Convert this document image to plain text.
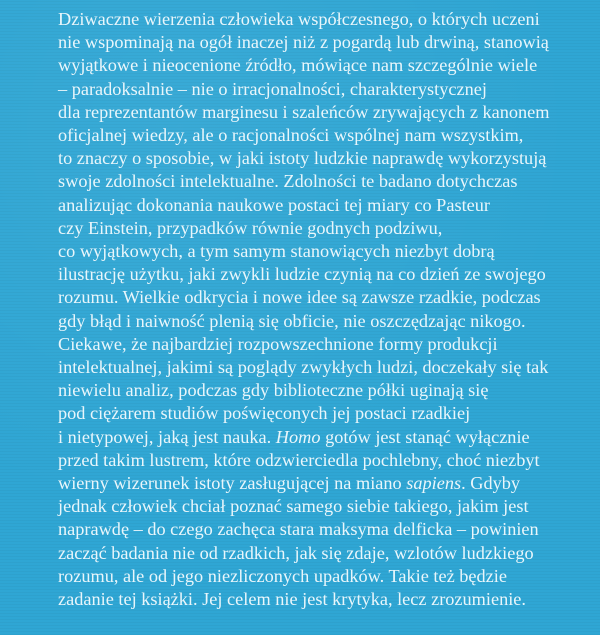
Dziwaczne wierzenia człowieka współczesnego, o których uczeni
nie wspominają na ogół inaczej niż z pogardą lub drwiną, stanowią
wyjątkowe i nieocenione źródło, mówiące nam szczególnie wiele
– paradoksalnie – nie o irracjonalności, charakterystycznej
dla reprezentantów marginesu i szaleńców zrywających z kanonem
oficjalnej wiedzy, ale o racjonalności wspólnej nam wszystkim,
to znaczy o sposobie, w jaki istoty ludzkie naprawdę wykorzystują
swoje zdolności intelektualne. Zdolności te badano dotychczas
analizując dokonania naukowe postaci tej miary co Pasteur
czy Einstein, przypadków równie godnych podziwu,
co wyjątkowych, a tym samym stanowiących niezbyt dobrą
ilustrację użytku, jaki zwykli ludzie czynią na co dzień ze swojego
rozumu. Wielkie odkrycia i nowe idee są zawsze rzadkie, podczas
gdy błąd i naiwność plenią się obficie, nie oszczędzając nikogo.
Ciekawe, że najbardziej rozpowszechnione formy produkcji
intelektualnej, jakimi są poglądy zwykłych ludzi, doczekały się tak
niewielu analiz, podczas gdy biblioteczne półki uginają się
pod ciężarem studiów poświęconych jej postaci rzadkiej
i nietypowej, jaką jest nauka. Homo gotów jest stanąć wyłącznie
przed takim lustrem, które odzwierciedla pochlebny, choć niezbyt
wierny wizerunek istoty zasługującej na miano sapiens. Gdyby
jednak człowiek chciał poznać samego siebie takiego, jakim jest
naprawdę – do czego zachęca stara maksyma delficka – powinien
zacząć badania nie od rzadkich, jak się zdaje, wzlotów ludzkiego
rozumu, ale od jego niezliczonych upadków. Takie też będzie
zadanie tej książki. Jej celem nie jest krytyka, lecz zrozumienie.
